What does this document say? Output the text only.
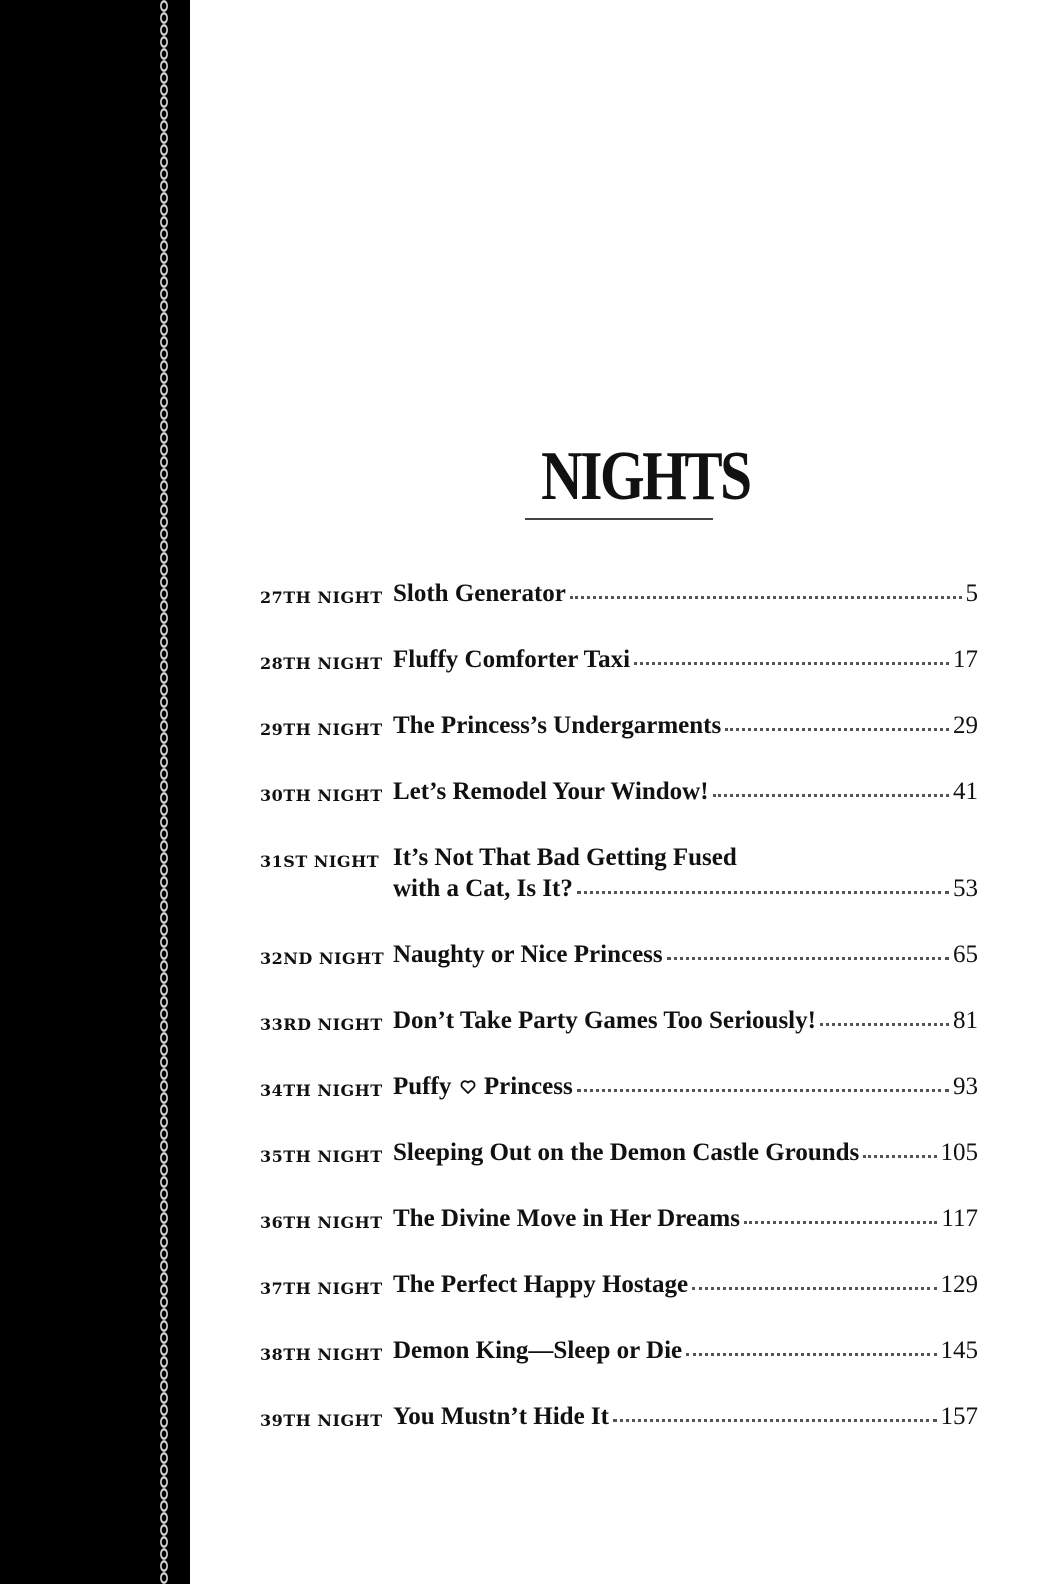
NIGHTS
27TH NIGHT Sloth Generator	5
28TH NIGHT Fluffy Comforter Taxi	17
29TH NIGHT The Princess’s Undergarments	29
30TH NIGHT Let’s Remodel Your Window!	41
31ST NIGHT It’s Not That Bad Getting Fused
with a Cat, Is It?	53
32ND NIGHT Naughty or Nice Princess	65
33RD NIGHT Don’t Take Party Games Too Seriously!	81
34TH NIGHT Puffy Princess	93
35TH NIGHT Sleeping Out on the Demon Castle Grounds	105
36TH NIGHT The Divine Move in Her Dreams	117
37TH NIGHT The Perfect Happy Hostage	129
38TH NIGHT Demon King—Sleep or Die	145
39TH NIGHT You Mustn’t Hide It	157
